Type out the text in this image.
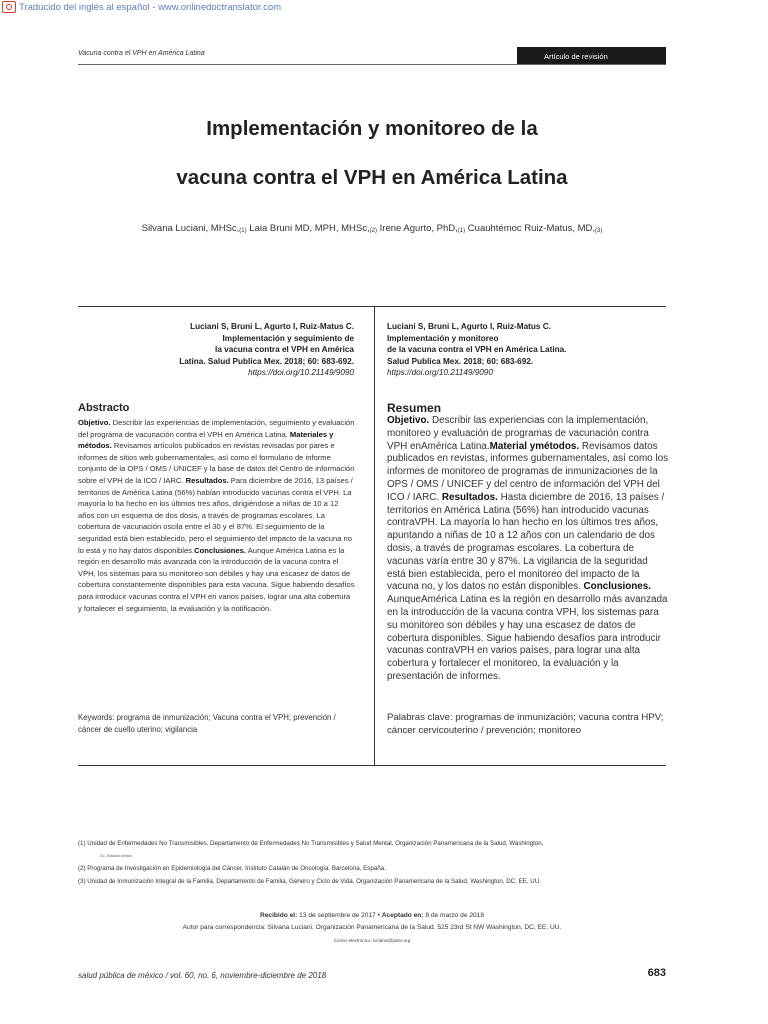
Traducido del inglés al español - www.onlinedoctranslator.com
Vacuna contra el VPH en América Latina	Artículo de revisión
Implementación y monitoreo de la
vacuna contra el VPH en América Latina
Silvana Luciani, $MHSc,_{(1)}$ Laia Bruni MD, MPH, $MHSc,_{(2)}$ Irene Agurto, $PhD,_{(1)}$ Cuauhtémoc Ruiz-Matus, $MD,_{(3)}$
Luciani S, Bruni L, Agurto I, Ruiz-Matus C.
Implementación y seguimiento de
la vacuna contra el VPH en América
Latina. Salud Publica Mex. 2018; 60: 683-692.
https://doi.org/10.21149/9090
Luciani S, Bruni L, Agurto I, Ruiz-Matus C.
Implementación y monitoreo
de la vacuna contra el VPH en América Latina.
Salud Publica Mex. 2018; 60: 683-692.
https://doi.org/10.21149/9090
Abstracto
Objetivo. Describir las experiencias de implementación, seguimiento y evaluación del programa de vacunación contra el VPH en América Latina. Materiales y métodos. Revisamos artículos publicados en revistas revisadas por pares e informes de sitios web gubernamentales, así como el formulario de informe conjunto de la OPS / OMS / UNICEF y la base de datos del Centro de información sobre el VPH de la ICO / IARC. Resultados. Para diciembre de 2016, 13 países / territorios de América Latina (56%) habían introducido vacunas contra el VPH. La mayoría lo ha hecho en los últimos tres años, dirigiéndose a niñas de 10 a 12 años con un esquema de dos dosis, a través de programas escolares. La cobertura de vacunación oscila entre el 30 y el 87%. El seguimiento de la seguridad está bien establecido, pero el seguimiento del impacto de la vacuna no lo está y no hay datos disponibles.Conclusiones. Aunque América Latina es la región en desarrollo más avanzada con la introducción de la vacuna contra el VPH, los sistemas para su monitoreo son débiles y hay una escasez de datos de cobertura constantemente disponibles para esta vacuna. Sigue habiendo desafíos para introducir vacunas contra el VPH en varios países, lograr una alta cobertura y fortalecer el seguimiento, la evaluación y la notificación.
Keywords: programa de inmunización; Vacuna contra el VPH; prevención / cáncer de cuello uterino; vigilancia
Resumen
Objetivo. Describir las experiencias con la implementación, monitoreo y evaluación de programas de vacunación contra VPH enAmérica Latina.Material ymétodos. Revisamos datos publicados en revistas, informes gubernamentales, así como los informes de monitoreo de programas de inmunizaciones de la OPS / OMS / UNICEF y del centro de información del VPH del ICO / IARC. Resultados. Hasta diciembre de 2016, 13 países / territorios en América Latina (56%) han introducido vacunas contraVPH. La mayoría lo han hecho en los últimos tres años, apuntando a niñas de 10 a 12 años con un calendario de dos dosis, a través de programas escolares. La cobertura de vacunas varía entre 30 y 87%. La vigilancia de la seguridad está bien establecida, pero el monitoreo del impacto de la vacuna no, y los datos no están disponibles. Conclusiones. AunqueAmérica Latina es la región en desarrollo más avanzada en la introducción de la vacuna contra VPH, los sistemas para su monitoreo son débiles y hay una escasez de datos de cobertura disponibles. Sigue habiendo desafíos para introducir vacunas contraVPH en varios países, para lograr una alta cobertura y fortalecer el monitoreo, la evaluación y la presentación de informes.
Palabras clave: programas de inmunización; vacuna contra HPV; cáncer cervicouterino / prevención; monitoreo
(1) Unidad de Enfermedades No Transmisibles, Departamento de Enfermedades No Transmisibles y Salud Mental, Organización Panamericana de la Salud, Washington,
DC, Estados Unidos
(2) Programa de Investigación en Epidemiología del Cáncer, Instituto Catalán de Oncología. Barcelona, España.
(3) Unidad de Inmunización Integral de la Familia, Departamento de Familia, Género y Ciclo de Vida, Organización Panamericana de la Salud, Washington, DC, EE. UU.
Recibido el: 13 de septiembre de 2017 • Aceptado en: 8 de marzo de 2018
Autor para correspondencia: Silvana Luciani. Organización Panamericana de la Salud. 525 23rd St NW Washington, DC, EE. UU.
Correo electrónico: lucianis@paho.org
salud pública de méxico / vol. 60, no. 6, noviembre-diciembre de 2018	683
